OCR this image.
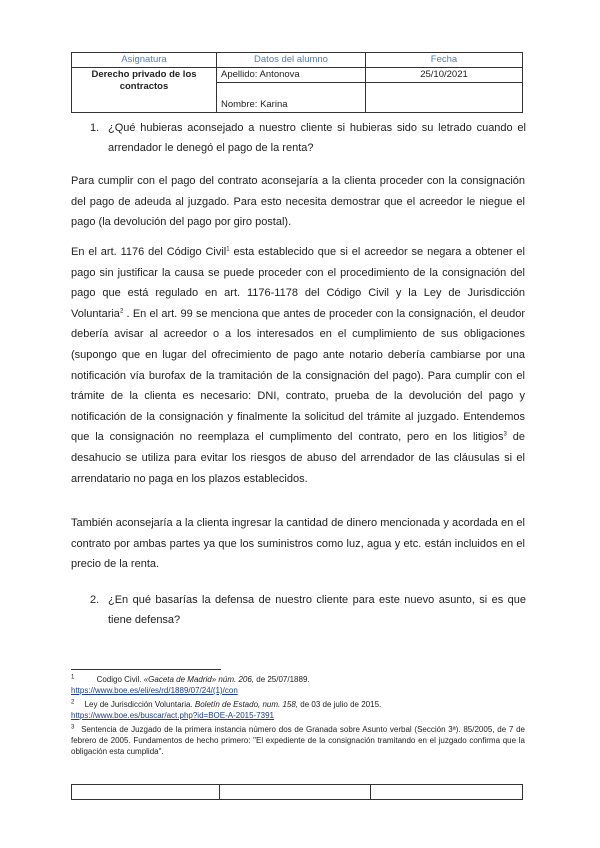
Asignatura	Datos del alumno	Fecha
Derecho privado de los
contractos	Apellido: Antonova	25/10/2021
	Nombre: Karina	
1. ¿Qué hubieras aconsejado a nuestro cliente si hubieras sido su letrado cuando el arrendador le denegó el pago de la renta?

Para cumplir con el pago del contrato aconsejaría a la clienta proceder con la consignación del pago de adeuda al juzgado. Para esto necesita demostrar que el acreedor le niegue el pago (la devolución del pago por giro postal).

En el art. 1176 del Código Civil$^1$ esta establecido que si el acreedor se negara a obtener el pago sin justificar la causa se puede proceder con el procedimiento de la consignación del pago que está regulado en art. 1176-1178 del Código Civil y la Ley de Jurisdicción Voluntaria$^2$ . En el art. 99 se menciona que antes de proceder con la consignación, el deudor debería avisar al acreedor o a los interesados en el cumplimiento de sus obligaciones (supongo que en lugar del ofrecimiento de pago ante notario debería cambiarse por una notificación vía burofax de la tramitación de la consignación del pago). Para cumplir con el trámite de la clienta es necesario: DNI, contrato, prueba de la devolución del pago y notificación de la consignación y finalmente la solicitud del trámite al juzgado. Entendemos que la consignación no reemplaza el cumplimento del contrato, pero en los litigios$^3$ de desahucio se utiliza para evitar los riesgos de abuso del arrendador de las cláusulas si el arrendatario no paga en los plazos establecidos.

También aconsejaría a la clienta ingresar la cantidad de dinero mencionada y acordada en el contrato por ambas partes ya que los suministros como luz, agua y etc. están incluidos en el precio de la renta.

2. ¿En qué basarías la defensa de nuestro cliente para este nuevo asunto, si es que tiene defensa?
$^1$	Codigo Civil. «Gaceta de Madrid» núm. 206, de 25/07/1889.
https://www.boe.es/eli/es/rd/1889/07/24/(1)/con
$^2$ Ley de Jurisdicción Voluntaria. Boletín de Estado, num. 158, de 03 de julio de 2015.
https://www.boe.es/buscar/act.php?id=BOE-A-2015-7391
$^3$ Sentencia de Juzgado de la primera instancia número dos de Granada sobre Asunto verbal (Sección 3ª). 85/2005, de 7 de febrero de 2005. Fundamentos de hecho primero: "El expediente de la consignación tramitando en el juzgado confirma que la obligación esta cumplida".
